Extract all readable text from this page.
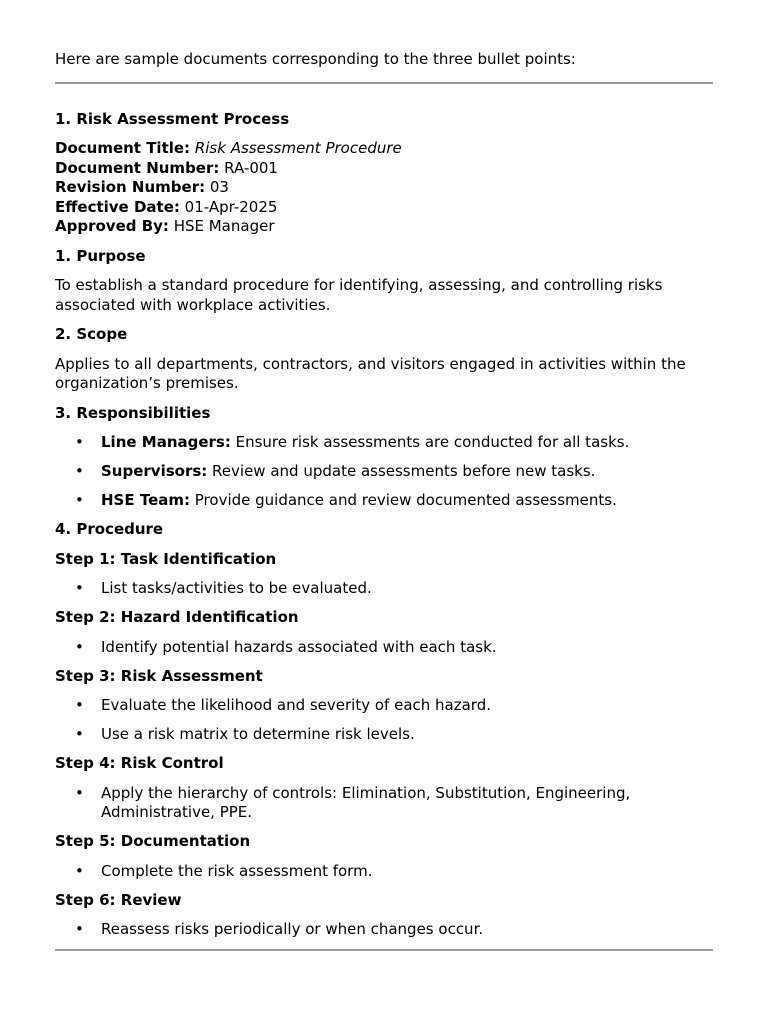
Here are sample documents corresponding to the three bullet points:

1. Risk Assessment Process

Document Title: Risk Assessment Procedure

Document Number: RA-001

Revision Number: 03

Effective Date: 01-Apr-2025

Approved By: HSE Manager

1. Purpose

To establish a standard procedure for identifying, assessing, and controlling risks associated with workplace activities.

2. Scope

Applies to all departments, contractors, and visitors engaged in activities within the organization’s premises.

3. Responsibilities

• Line Managers: Ensure risk assessments are conducted for all tasks.
• Supervisors: Review and update assessments before new tasks.
• HSE Team: Provide guidance and review documented assessments.

4. Procedure

Step 1: Task Identification

• List tasks/activities to be evaluated.

Step 2: Hazard Identification

• Identify potential hazards associated with each task.

Step 3: Risk Assessment

• Evaluate the likelihood and severity of each hazard.
• Use a risk matrix to determine risk levels.

Step 4: Risk Control

• Apply the hierarchy of controls: Elimination, Substitution, Engineering, Administrative, PPE.

Step 5: Documentation

• Complete the risk assessment form.

Step 6: Review

• Reassess risks periodically or when changes occur.
